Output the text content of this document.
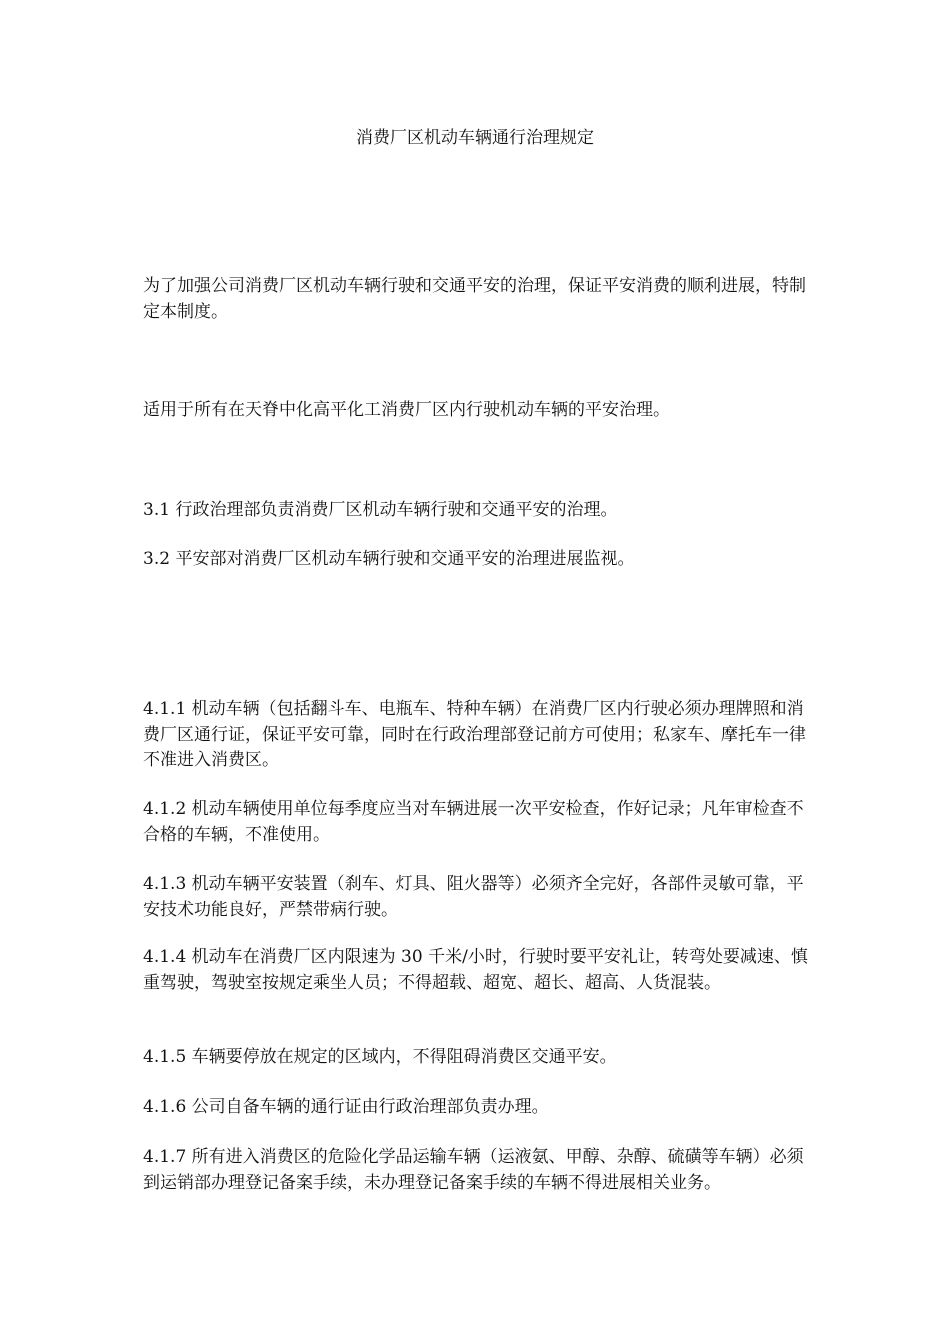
消费厂区机动车辆通行治理规定

为了加强公司消费厂区机动车辆行驶和交通平安的治理，保证平安消费的顺利进展，特制定本制度。

适用于所有在天脊中化高平化工消费厂区内行驶机动车辆的平安治理。

3.1 行政治理部负责消费厂区机动车辆行驶和交通平安的治理。

3.2 平安部对消费厂区机动车辆行驶和交通平安的治理进展监视。

4.1.1 机动车辆（包括翻斗车、电瓶车、特种车辆）在消费厂区内行驶必须办理牌照和消费厂区通行证，保证平安可靠，同时在行政治理部登记前方可使用；私家车、摩托车一律不准进入消费区。

4.1.2 机动车辆使用单位每季度应当对车辆进展一次平安检查，作好记录；凡年审检查不合格的车辆，不准使用。

4.1.3 机动车辆平安装置（刹车、灯具、阻火器等）必须齐全完好，各部件灵敏可靠，平安技术功能良好，严禁带病行驶。

4.1.4 机动车在消费厂区内限速为 30 千米/小时，行驶时要平安礼让，转弯处要减速、慎重驾驶，驾驶室按规定乘坐人员；不得超载、超宽、超长、超高、人货混装。

4.1.5 车辆要停放在规定的区域内，不得阻碍消费区交通平安。

4.1.6 公司自备车辆的通行证由行政治理部负责办理。

4.1.7 所有进入消费区的危险化学品运输车辆（运液氨、甲醇、杂醇、硫磺等车辆）必须到运销部办理登记备案手续，未办理登记备案手续的车辆不得进展相关业务。
